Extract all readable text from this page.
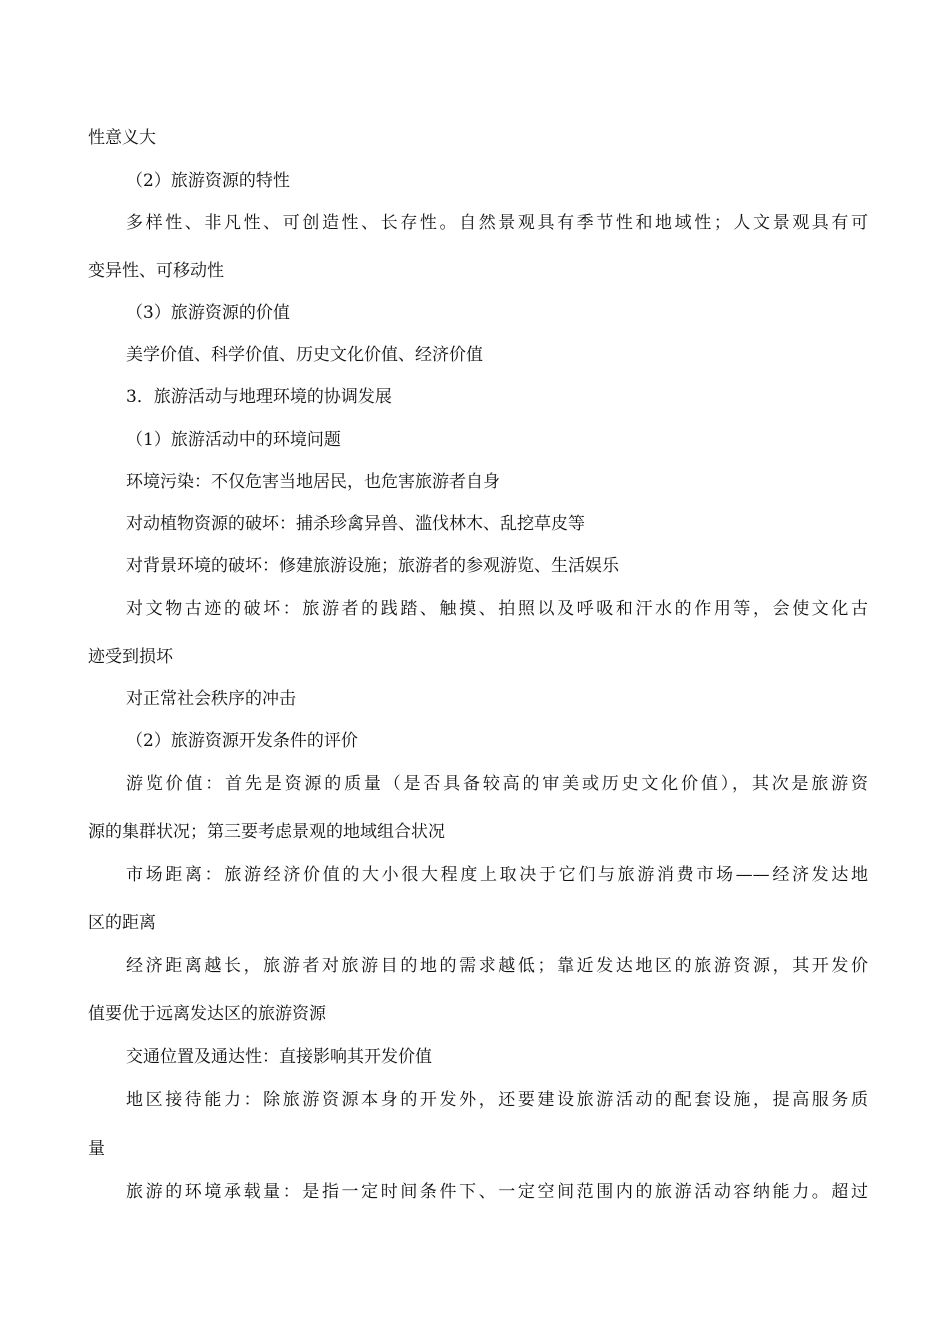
性意义大
（2）旅游资源的特性
多样性、非凡性、可创造性、长存性。自然景观具有季节性和地域性；人文景观具有可
变异性、可移动性
（3）旅游资源的价值
美学价值、科学价值、历史文化价值、经济价值
3．旅游活动与地理环境的协调发展
（1）旅游活动中的环境问题
环境污染：不仅危害当地居民，也危害旅游者自身
对动植物资源的破坏：捕杀珍禽异兽、滥伐林木、乱挖草皮等
对背景环境的破坏：修建旅游设施；旅游者的参观游览、生活娱乐
对文物古迹的破坏：旅游者的践踏、触摸、拍照以及呼吸和汗水的作用等，会使文化古
迹受到损坏
对正常社会秩序的冲击
（2）旅游资源开发条件的评价
游览价值：首先是资源的质量（是否具备较高的审美或历史文化价值），其次是旅游资
源的集群状况；第三要考虑景观的地域组合状况
市场距离：旅游经济价值的大小很大程度上取决于它们与旅游消费市场——经济发达地
区的距离
经济距离越长，旅游者对旅游目的地的需求越低；靠近发达地区的旅游资源，其开发价
值要优于远离发达区的旅游资源
交通位置及通达性：直接影响其开发价值
地区接待能力：除旅游资源本身的开发外，还要建设旅游活动的配套设施，提高服务质
量
旅游的环境承载量：是指一定时间条件下、一定空间范围内的旅游活动容纳能力。超过
